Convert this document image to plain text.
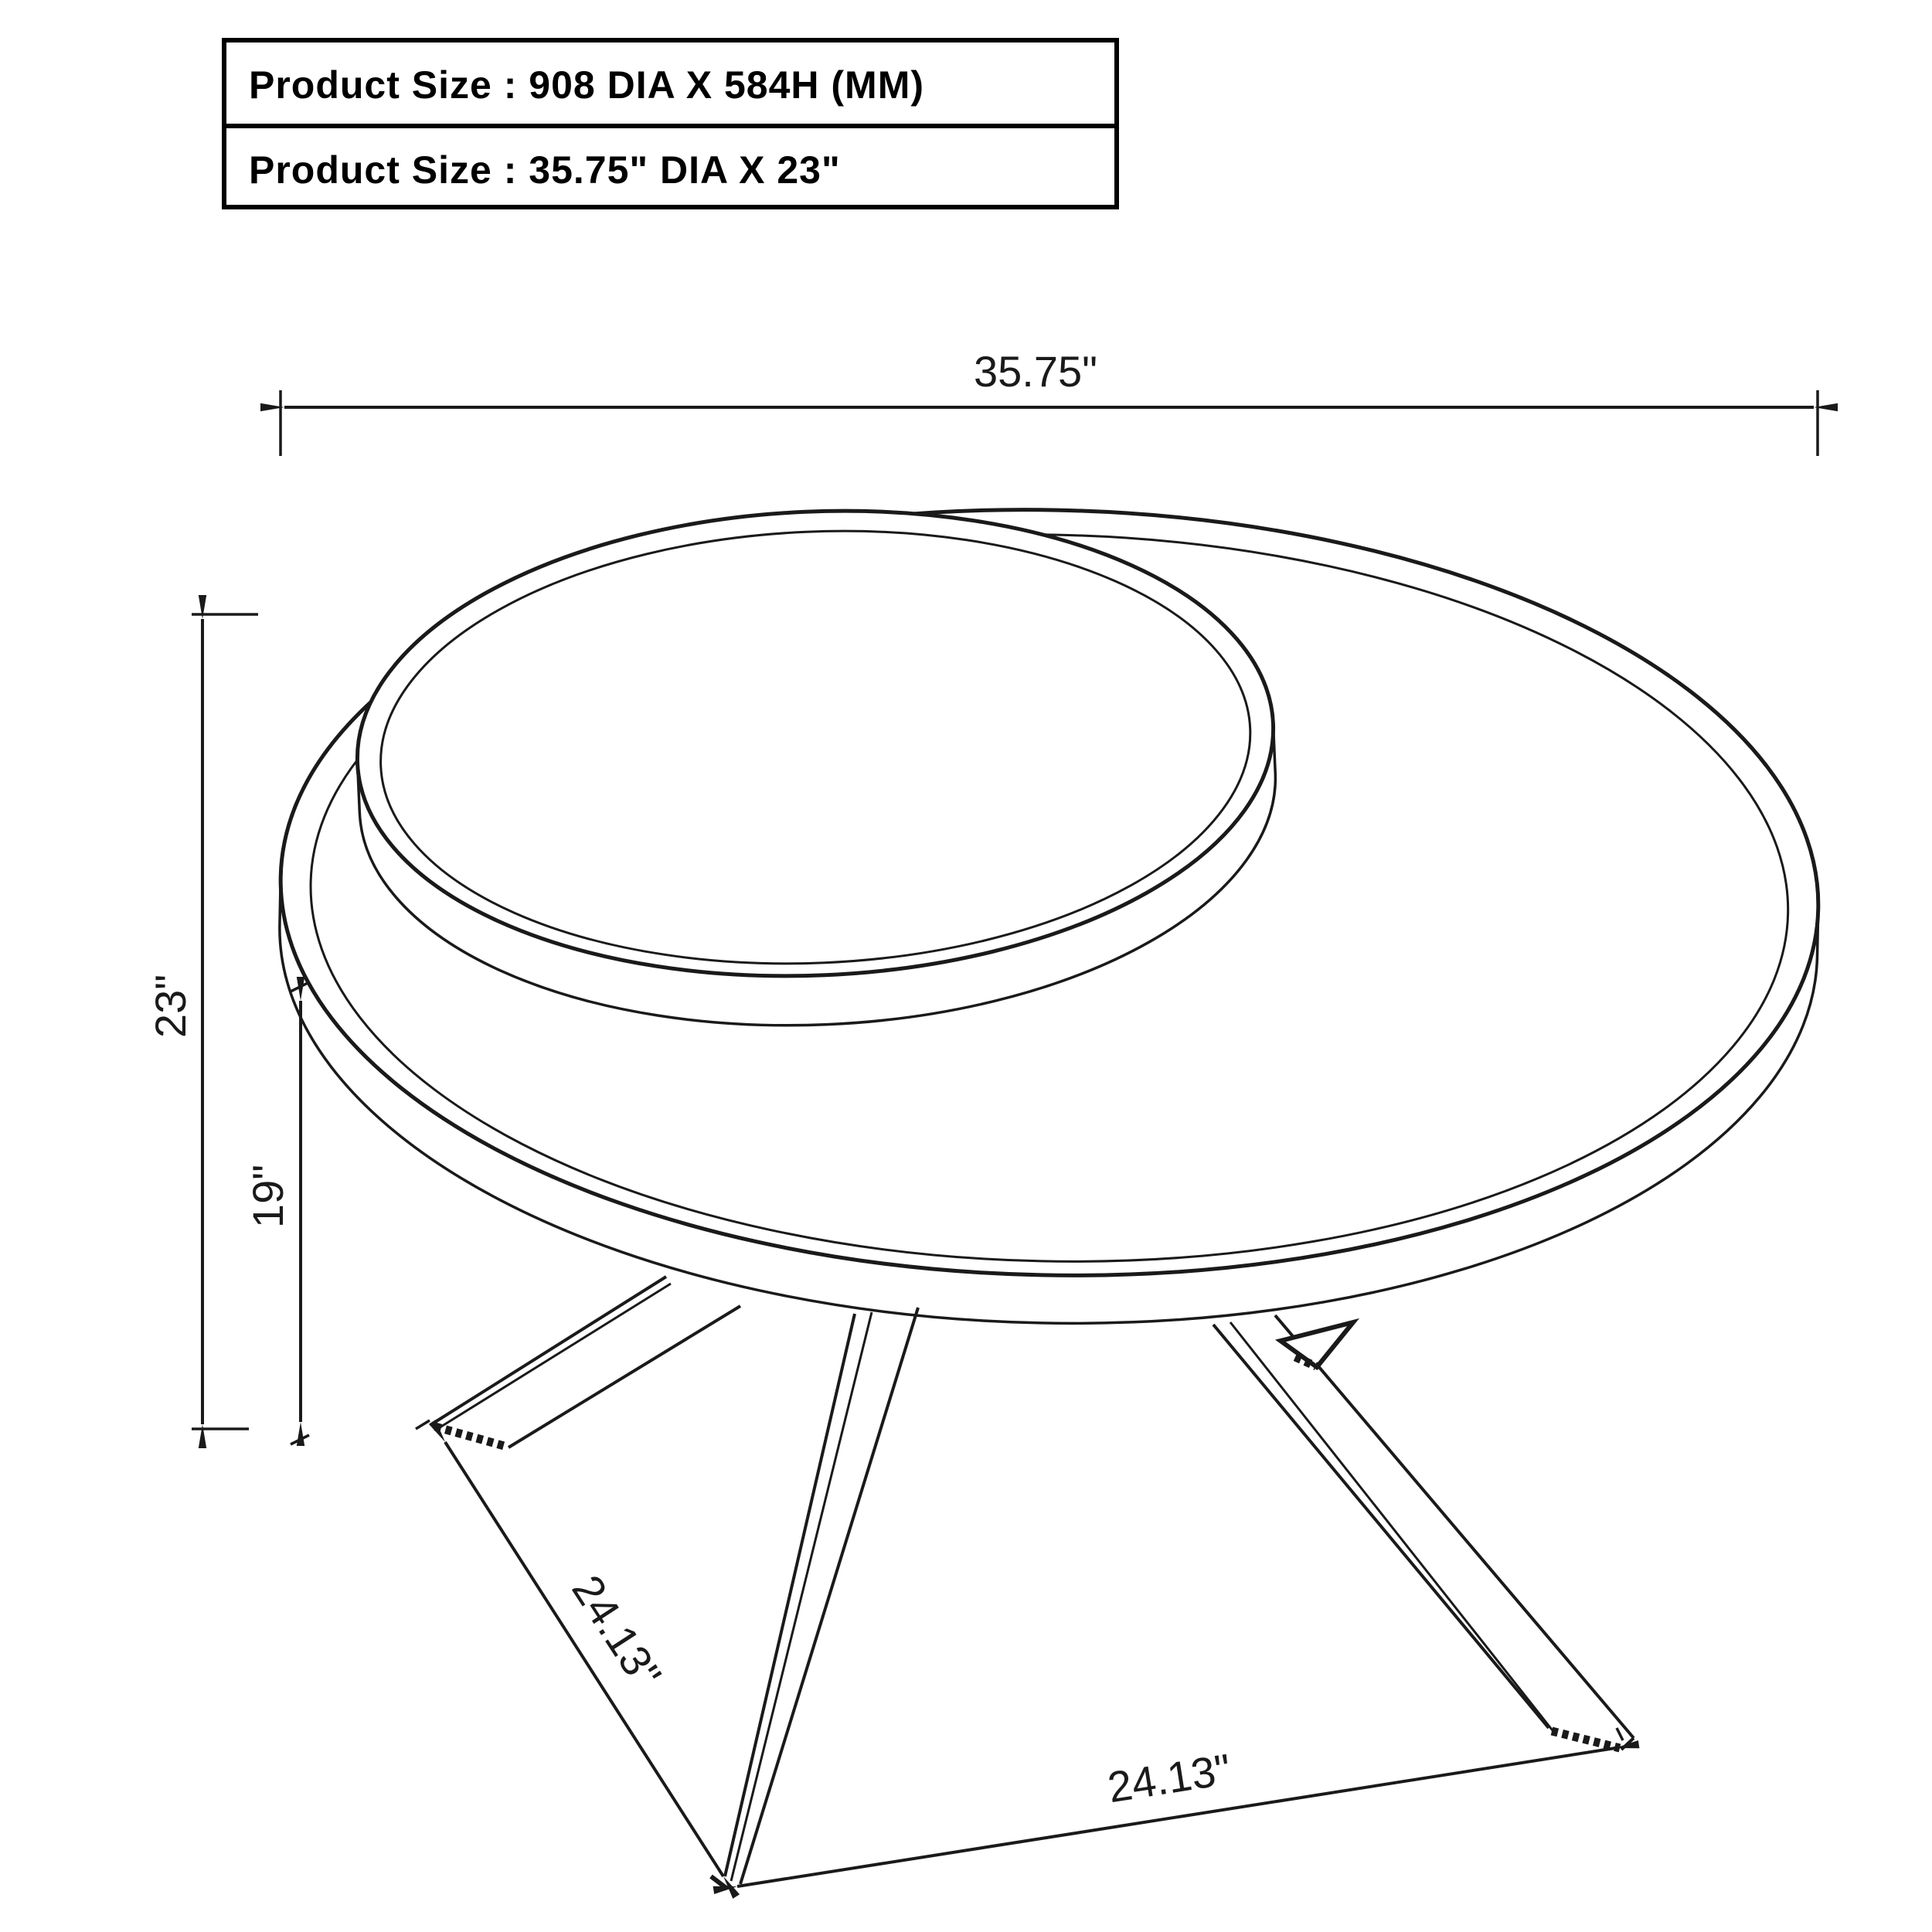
35.75"
23"
19"
24.13"
24.13"
Product Size : 908 DIA X 584H (MM)
Product Size : 35.75" DIA X 23"
